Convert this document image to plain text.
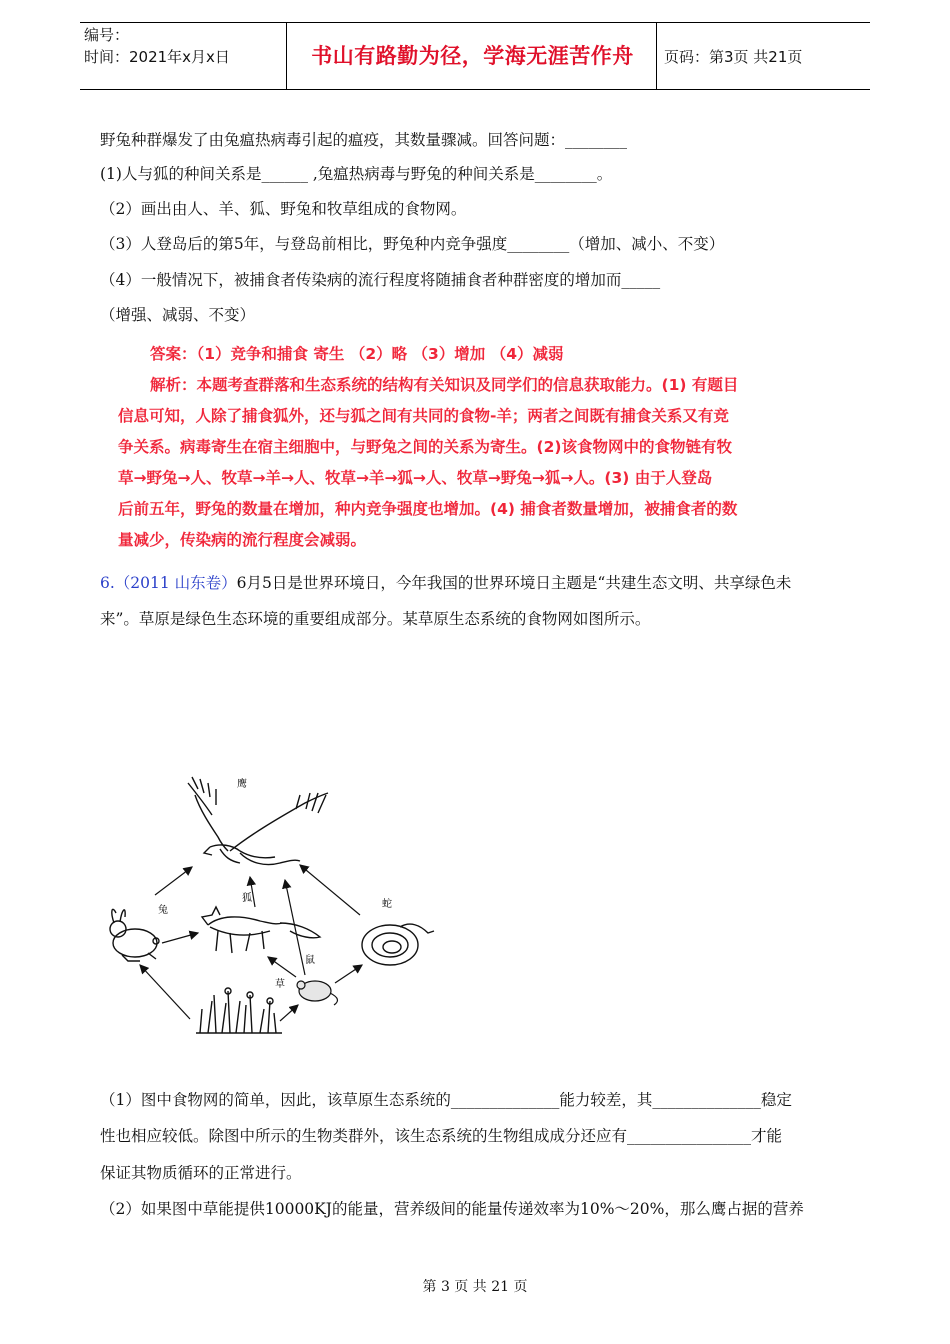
编号：
时间：2021年x月x日	书山有路勤为径，学海无涯苦作舟	页码：第3页 共21页
野兔种群爆发了由兔瘟热病毒引起的瘟疫，其数量骤减。回答问题：________
(1)人与狐的种间关系是______ ,兔瘟热病毒与野兔的种间关系是________。
（2）画出由人、羊、狐、野兔和牧草组成的食物网。
（3）人登岛后的第5年，与登岛前相比，野兔种内竞争强度________（增加、减小、不变）
（4）一般情况下，被捕食者传染病的流行程度将随捕食者种群密度的增加而_____
（增强、减弱、不变）
答案：（1）竞争和捕食 寄生 （2）略 （3）增加 （4）减弱
解析：本题考查群落和生态系统的结构有关知识及同学们的信息获取能力。(1) 有题目
信息可知，人除了捕食狐外，还与狐之间有共同的食物-羊；两者之间既有捕食关系又有竞
争关系。病毒寄生在宿主细胞中，与野兔之间的关系为寄生。(2)该食物网中的食物链有牧
草→野兔→人、牧草→羊→人、牧草→羊→狐→人、牧草→野兔→狐→人。(3) 由于人登岛
后前五年，野兔的数量在增加，种内竞争强度也增加。(4) 捕食者数量增加，被捕食者的数
量减少，传染病的流行程度会减弱。
6.（2011 山东卷）6月5日是世界环境日，今年我国的世界环境日主题是“共建生态文明、共享绿色未
来”。草原是绿色生态环境的重要组成部分。某草原生态系统的食物网如图所示。
鹰
兔
狐
蛇
鼠
草
（1）图中食物网的简单，因此，该草原生态系统的______________能力较差，其______________稳定
性也相应较低。除图中所示的生物类群外，该生态系统的生物组成成分还应有________________才能
保证其物质循环的正常进行。
（2）如果图中草能提供10000KJ的能量，营养级间的能量传递效率为10%～20%，那么鹰占据的营养
第 3 页 共 21 页
